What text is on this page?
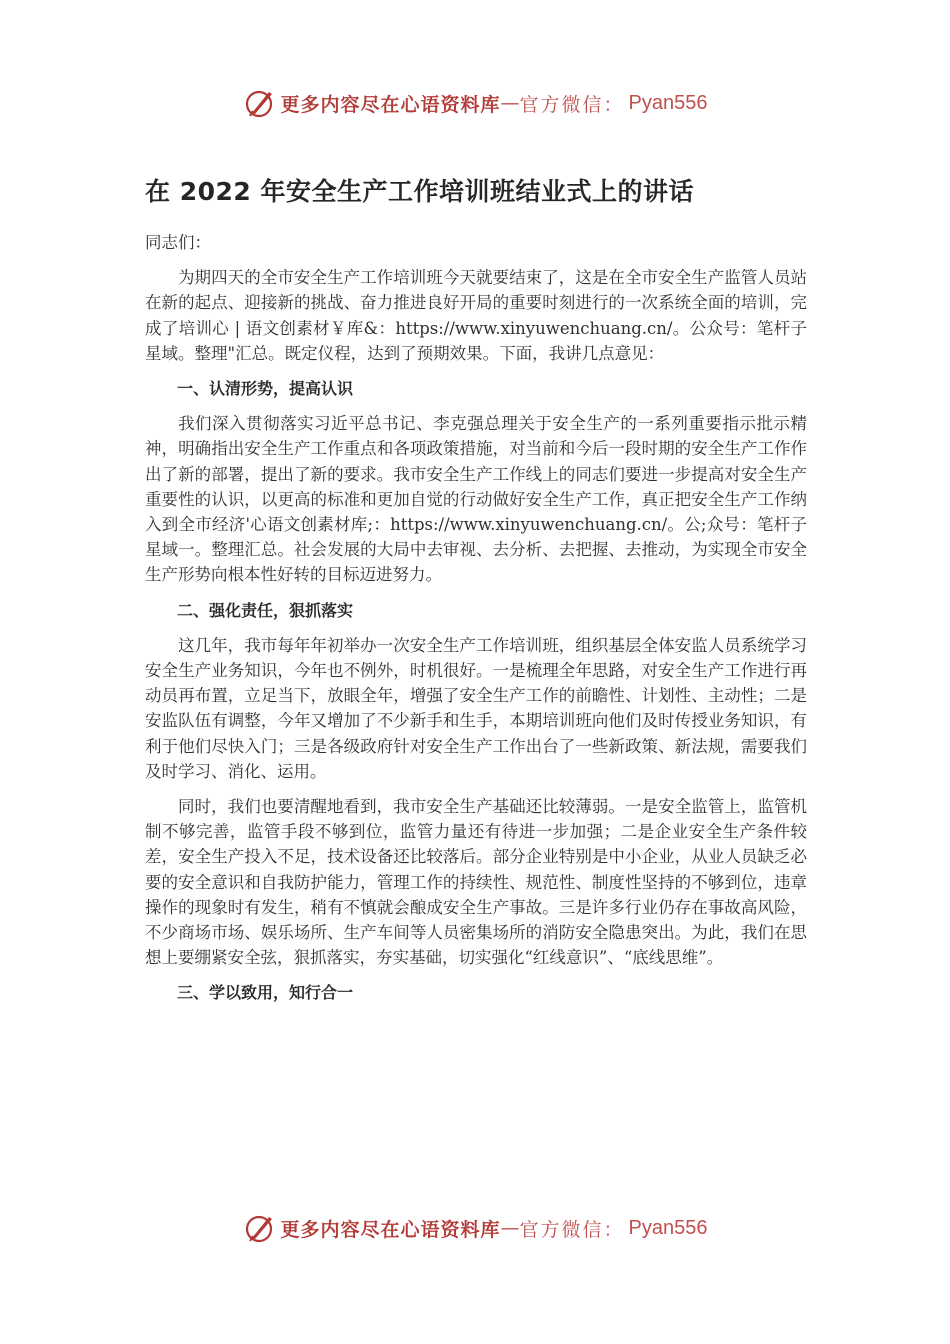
更多内容尽在心语资料库 — 官方微信： Pyan556
在 2022 年安全生产工作培训班结业式上的讲话

同志们：

为期四天的全市安全生产工作培训班今天就要结束了，这是在全市安全生产监管人员站在新的起点、迎接新的挑战、奋力推进良好开局的重要时刻进行的一次系统全面的培训，完成了培训心 | 语文创素材￥库&：https://www.xinyuwenchuang.cn/。公众号：笔杆子星域。整理"汇总。既定仪程，达到了预期效果。下面，我讲几点意见：

一、认清形势，提高认识

我们深入贯彻落实习近平总书记、李克强总理关于安全生产的一系列重要指示批示精神，明确指出安全生产工作重点和各项政策措施，对当前和今后一段时期的安全生产工作作出了新的部署，提出了新的要求。我市安全生产工作线上的同志们要进一步提高对安全生产重要性的认识，以更高的标准和更加自觉的行动做好安全生产工作，真正把安全生产工作纳入到全市经济'心语文创素材库;：https://www.xinyuwenchuang.cn/。公;众号：笔杆子星域一。整理汇总。社会发展的大局中去审视、去分析、去把握、去推动，为实现全市安全生产形势向根本性好转的目标迈进努力。

二、强化责任，狠抓落实

这几年，我市每年年初举办一次安全生产工作培训班，组织基层全体安监人员系统学习安全生产业务知识，今年也不例外，时机很好。一是梳理全年思路，对安全生产工作进行再动员再布置，立足当下，放眼全年，增强了安全生产工作的前瞻性、计划性、主动性；二是安监队伍有调整，今年又增加了不少新手和生手，本期培训班向他们及时传授业务知识，有利于他们尽快入门；三是各级政府针对安全生产工作出台了一些新政策、新法规，需要我们及时学习、消化、运用。

同时，我们也要清醒地看到，我市安全生产基础还比较薄弱。一是安全监管上，监管机制不够完善，监管手段不够到位，监管力量还有待进一步加强；二是企业安全生产条件较差，安全生产投入不足，技术设备还比较落后。部分企业特别是中小企业，从业人员缺乏必要的安全意识和自我防护能力，管理工作的持续性、规范性、制度性坚持的不够到位，违章操作的现象时有发生，稍有不慎就会酿成安全生产事故。三是许多行业仍存在事故高风险，不少商场市场、娱乐场所、生产车间等人员密集场所的消防安全隐患突出。为此，我们在思想上要绷紧安全弦，狠抓落实，夯实基础，切实强化“红线意识”、“底线思维”。

三、学以致用，知行合一

更多内容尽在心语资料库 — 官方微信： Pyan556
